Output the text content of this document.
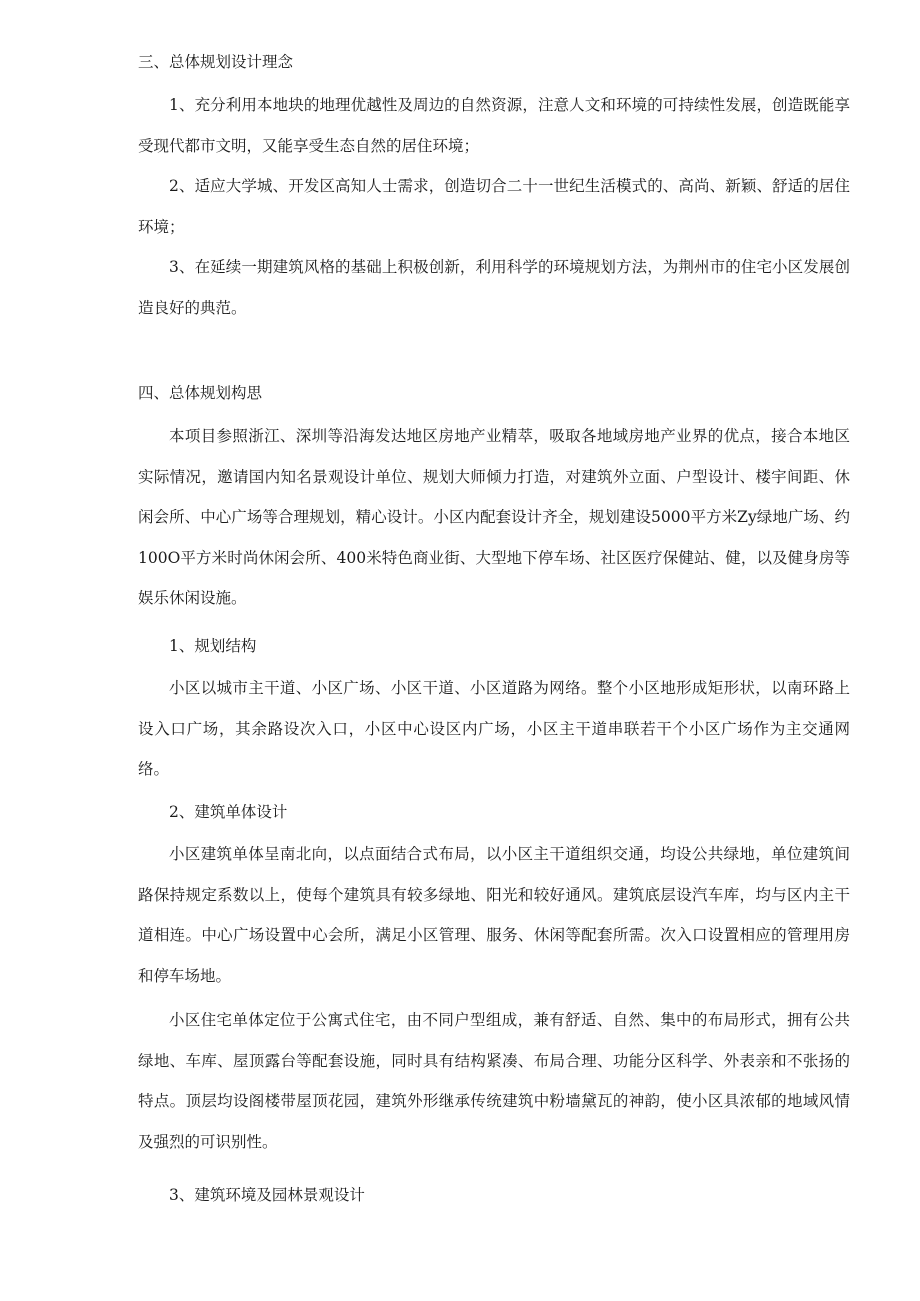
三、总体规划设计理念

1、充分利用本地块的地理优越性及周边的自然资源，注意人文和环境的可持续性发展，创造既能享受现代都市文明，又能享受生态自然的居住环境；

2、适应大学城、开发区高知人士需求，创造切合二十一世纪生活模式的、高尚、新颖、舒适的居住环境；

3、在延续一期建筑风格的基础上积极创新，利用科学的环境规划方法，为荆州市的住宅小区发展创造良好的典范。

四、总体规划构思

本项目参照浙江、深圳等沿海发达地区房地产业精萃，吸取各地域房地产业界的优点，接合本地区实际情况，邀请国内知名景观设计单位、规划大师倾力打造，对建筑外立面、户型设计、楼宇间距、休闲会所、中心广场等合理规划，精心设计。小区内配套设计齐全，规划建设5000平方米Zy绿地广场、约100O平方米时尚休闲会所、400米特色商业街、大型地下停车场、社区医疗保健站、健，以及健身房等娱乐休闲设施。

1、规划结构

小区以城市主干道、小区广场、小区干道、小区道路为网络。整个小区地形成矩形状，以南环路上设入口广场，其余路设次入口，小区中心设区内广场，小区主干道串联若干个小区广场作为主交通网络。

2、建筑单体设计

小区建筑单体呈南北向，以点面结合式布局，以小区主干道组织交通，均设公共绿地，单位建筑间路保持规定系数以上，使每个建筑具有较多绿地、阳光和较好通风。建筑底层设汽车库，均与区内主干道相连。中心广场设置中心会所，满足小区管理、服务、休闲等配套所需。次入口设置相应的管理用房和停车场地。

小区住宅单体定位于公寓式住宅，由不同户型组成，兼有舒适、自然、集中的布局形式，拥有公共绿地、车库、屋顶露台等配套设施，同时具有结构紧凑、布局合理、功能分区科学、外表亲和不张扬的特点。顶层均设阁楼带屋顶花园，建筑外形继承传统建筑中粉墙黛瓦的神韵，使小区具浓郁的地域风情及强烈的可识别性。

3、建筑环境及园林景观设计
